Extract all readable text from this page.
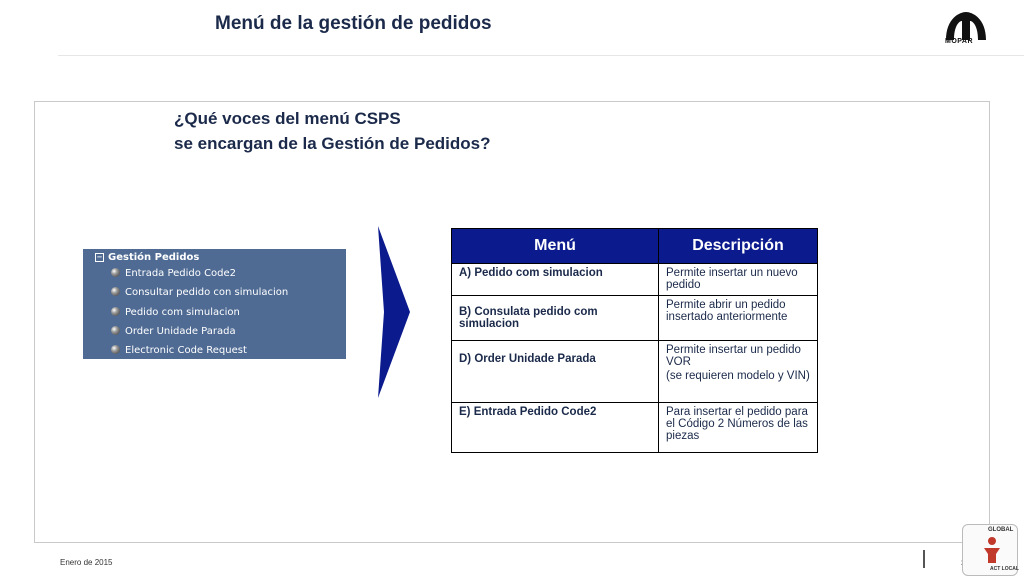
Menú de la gestión de pedidos
MOPAR
¿Qué voces del menú CSPS
se encargan de la Gestión de Pedidos?
− Gestión Pedidos
Entrada Pedido Code2
Consultar pedido con simulacion
Pedido com simulacion
Order Unidade Parada
Electronic Code Request
Menú	Descripción
A) Pedido com simulacion	Permite insertar un nuevo pedido
B) Consulata pedido com simulacion	Permite abrir un pedido insertado anteriormente
D) Order Unidade Parada	Permite insertar un pedido VOR
(se requieren modelo y VIN)

E) Entrada Pedido Code2	Para insertar el pedido para el Código 2 Números de las piezas
Enero de 2015
GLOBAL
ACT LOCAL
